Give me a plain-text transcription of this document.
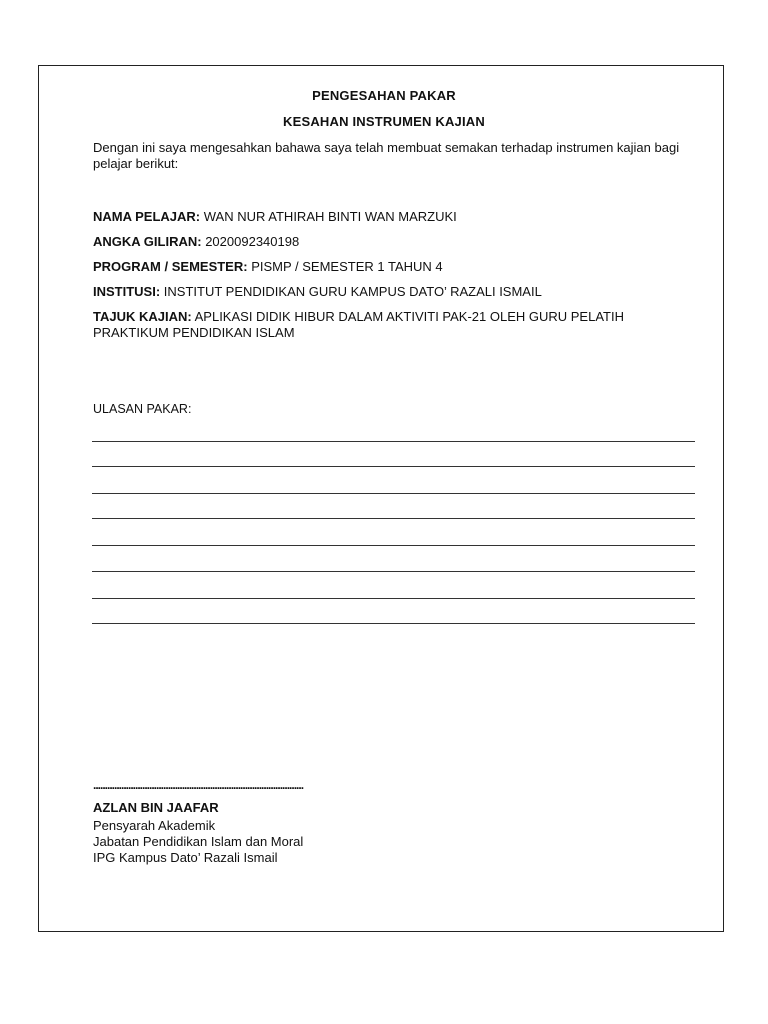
PENGESAHAN PAKAR
KESAHAN INSTRUMEN KAJIAN
Dengan ini saya mengesahkan bahawa saya telah membuat semakan terhadap instrumen kajian bagi pelajar berikut:
NAMA PELAJAR: WAN NUR ATHIRAH BINTI WAN MARZUKI
ANGKA GILIRAN: 2020092340198
PROGRAM / SEMESTER: PISMP / SEMESTER 1 TAHUN 4
INSTITUSI: INSTITUT PENDIDIKAN GURU KAMPUS DATO’ RAZALI ISMAIL
TAJUK KAJIAN: APLIKASI DIDIK HIBUR DALAM AKTIVITI PAK-21 OLEH GURU PELATIH PRAKTIKUM PENDIDIKAN ISLAM
ULASAN PAKAR:
..........................................................................................
AZLAN BIN JAAFAR
Pensyarah Akademik
Jabatan Pendidikan Islam dan Moral
IPG Kampus Dato’ Razali Ismail
